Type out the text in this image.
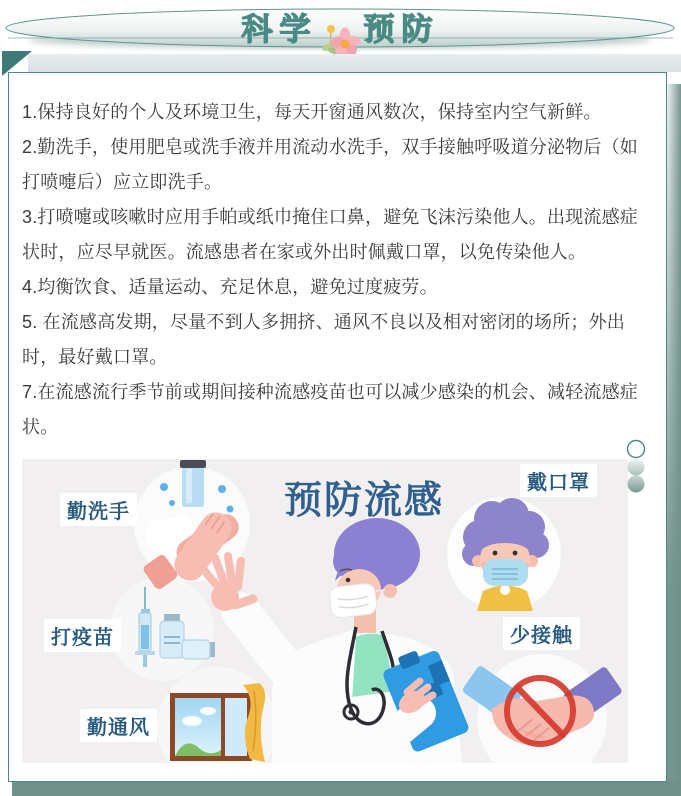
科学 预防

1.保持良好的个人及环境卫生，每天开窗通风数次，保持室内空气新鲜。

2.勤洗手，使用肥皂或洗手液并用流动水洗手，双手接触呼吸道分泌物后（如打喷嚏后）应立即洗手。

3.打喷嚏或咳嗽时应用手帕或纸巾掩住口鼻，避免飞沫污染他人。出现流感症状时，应尽早就医。流感患者在家或外出时佩戴口罩，以免传染他人。

4.均衡饮食、适量运动、充足休息，避免过度疲劳。

5. 在流感高发期，尽量不到人多拥挤、通风不良以及相对密闭的场所；外出时，最好戴口罩。

7.在流感流行季节前或期间接种流感疫苗也可以减少感染的机会、减轻流感症状。

预防流感
勤洗手
戴口罩
打疫苗
勤通风
少接触
